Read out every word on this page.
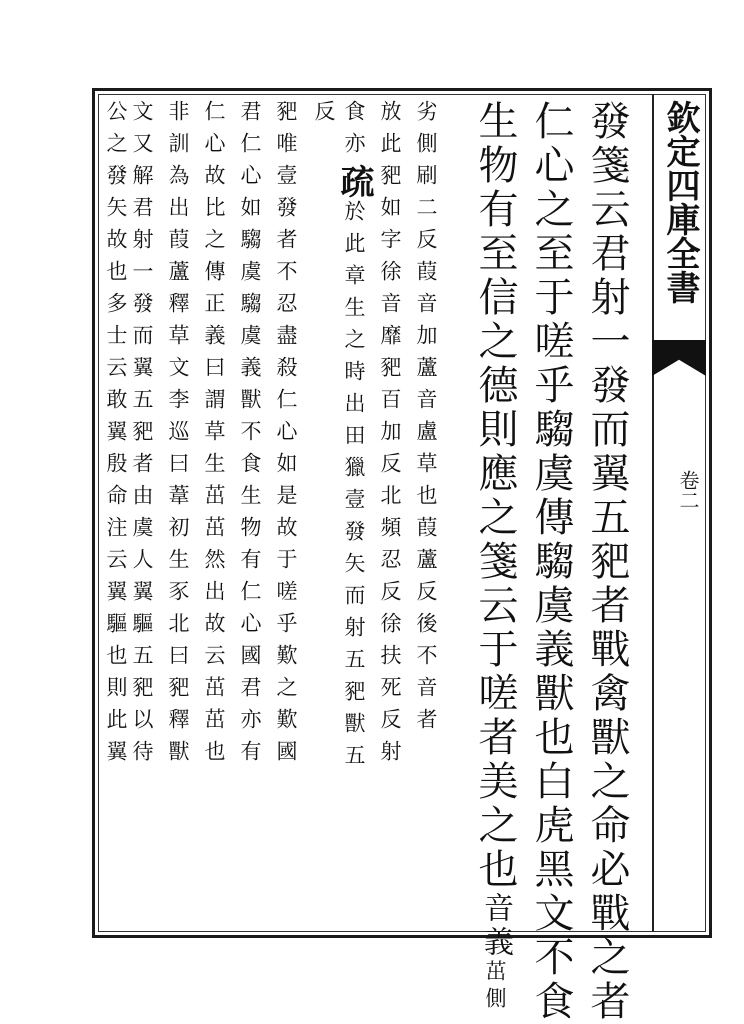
欽定四庫全書
卷二
發箋云君射一發而翼五豝者戰禽獸之命必戰之者
仁心之至于嗟乎騶虞傳騶虞義獸也白虎黑文不食
生物有至信之德則應之箋云于嗟者美之也音義茁側
劣側刷二反葭音加蘆音盧草也葭蘆反後不音者
放此豝如字徐音靡豝百加反北頻忍反徐扶死反射
食亦疏於此章生之時出田獵壹發矢而射五豝獸五
反
豝唯壹發者不忍盡殺仁心如是故于嗟乎歎之歎國
君仁心如騶虞騶虞義獸不食生物有仁心國君亦有
仁心故比之傳正義曰謂草生茁茁然出故云茁茁也
非訓為出葭蘆釋草文李巡曰葦初生豕北曰豝釋獸
文又解君射一發而翼五豝者由虞人翼驅五豝以待
公之發矢故也多士云敢翼殷命注云翼驅也則此翼
